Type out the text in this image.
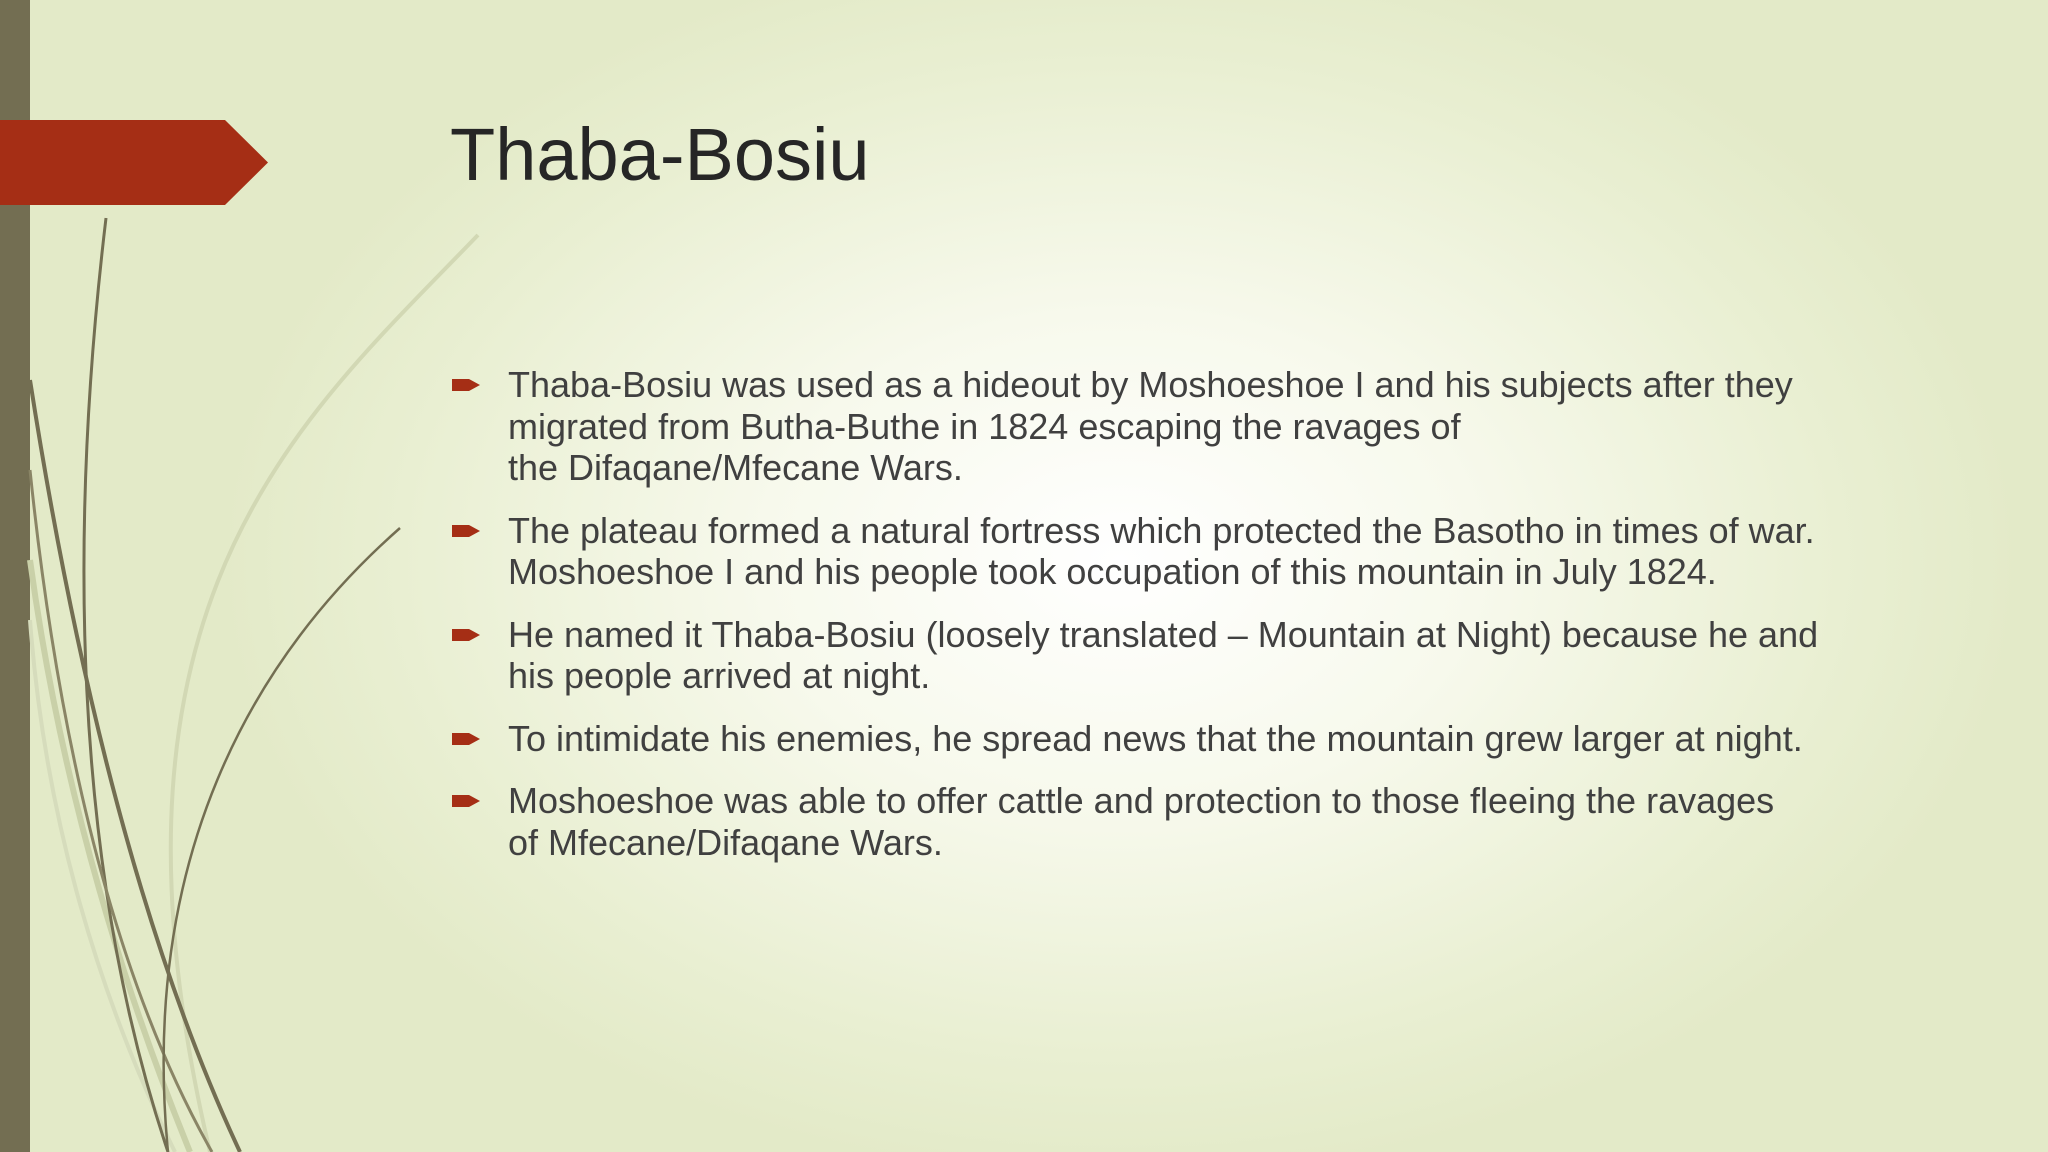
Thaba-Bosiu
Thaba-Bosiu was used as a hideout by Moshoeshoe I and his subjects after they
migrated from Butha-Buthe in 1824 escaping the ravages of
the Difaqane/Mfecane Wars.
The plateau formed a natural fortress which protected the Basotho in times of war.
Moshoeshoe I and his people took occupation of this mountain in July 1824.
He named it Thaba-Bosiu (loosely translated – Mountain at Night) because he and
his people arrived at night.
To intimidate his enemies, he spread news that the mountain grew larger at night.
Moshoeshoe was able to offer cattle and protection to those fleeing the ravages
of Mfecane/Difaqane Wars.
